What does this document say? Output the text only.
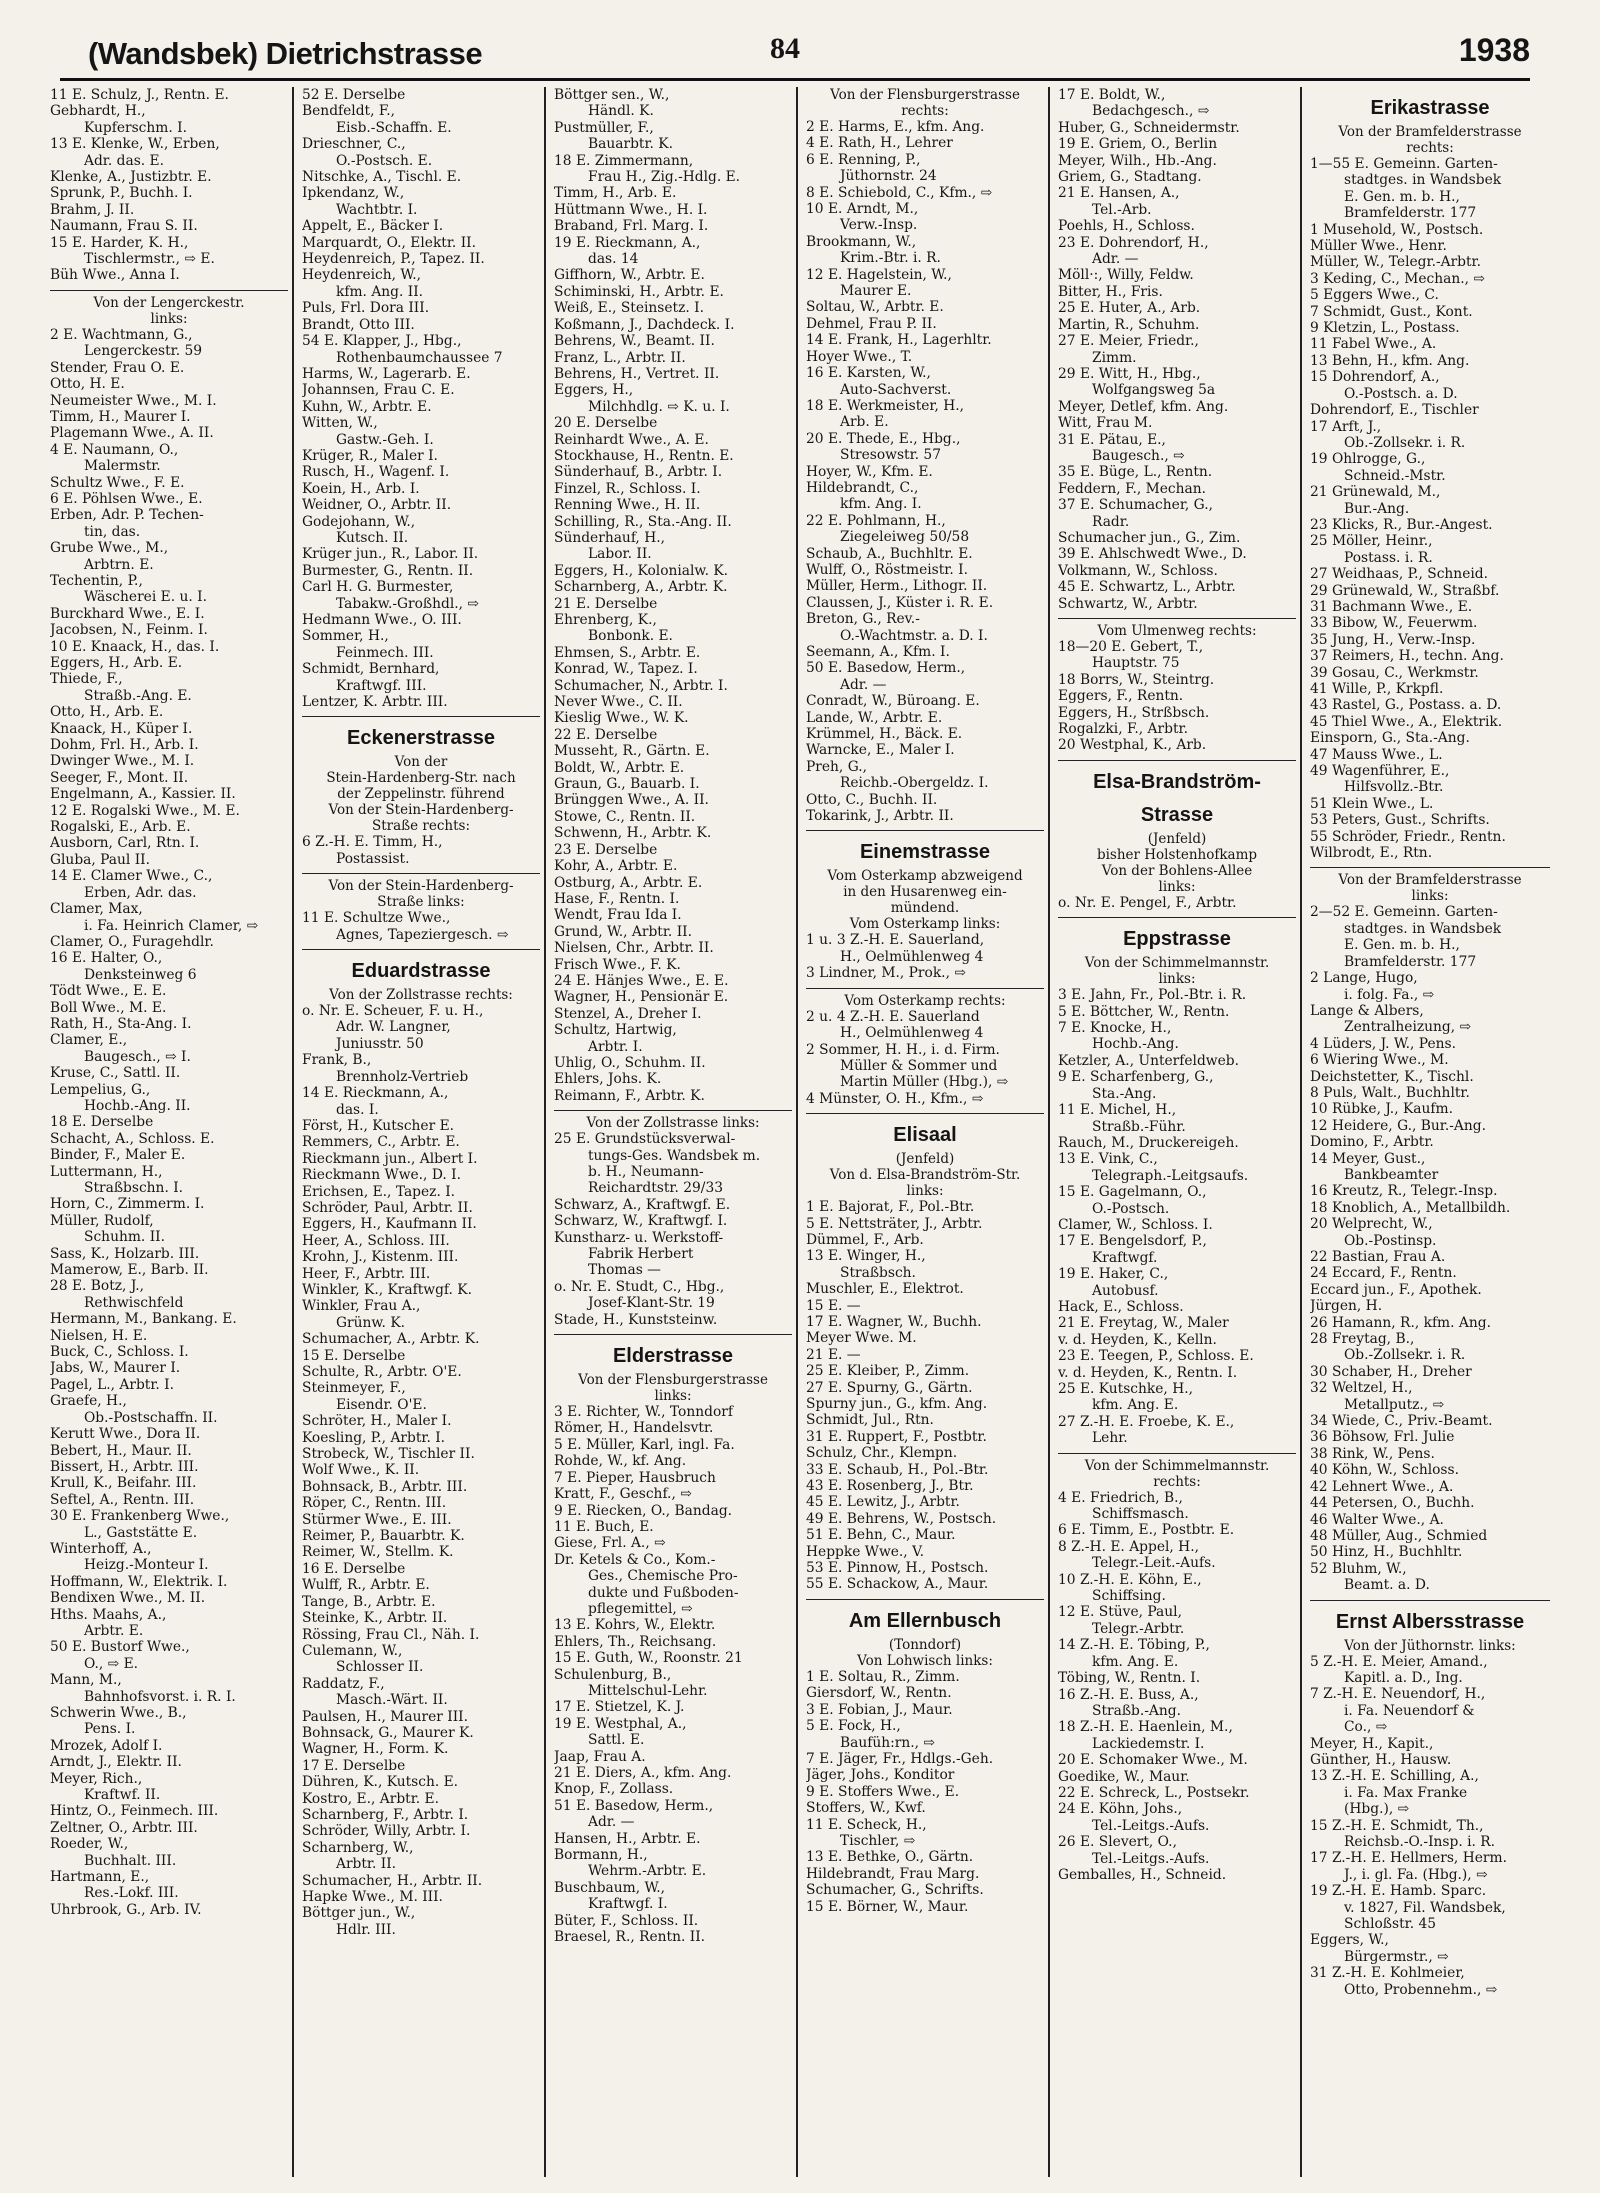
(Wandsbek) Dietrichstrasse	84	1938
11 E. Schulz, J., Rentn. E.
Gebhardt, H.,
Kupferschm. I.
13 E. Klenke, W., Erben,
Adr. das. E.
Klenke, A., Justizbtr. E.
Sprunk, P., Buchh. I.
Brahm, J. II.
Naumann, Frau S. II.
15 E. Harder, K. H.,
Tischlermstr., ⇨ E.
Büh Wwe., Anna I.
Von der Lengerckestr.
links:
2 E. Wachtmann, G.,
Lengerckestr. 59
Stender, Frau O. E.
Otto, H. E.
Neumeister Wwe., M. I.
Timm, H., Maurer I.
Plagemann Wwe., A. II.
4 E. Naumann, O.,
Malermstr.
Schultz Wwe., F. E.
6 E. Pöhlsen Wwe., E.
Erben, Adr. P. Techen-
tin, das.
Grube Wwe., M.,
Arbtrn. E.
Techentin, P.,
Wäscherei E. u. I.
Burckhard Wwe., E. I.
Jacobsen, N., Feinm. I.
10 E. Knaack, H., das. I.
Eggers, H., Arb. E.
Thiede, F.,
Straßb.-Ang. E.
Otto, H., Arb. E.
Knaack, H., Küper I.
Dohm, Frl. H., Arb. I.
Dwinger Wwe., M. I.
Seeger, F., Mont. II.
Engelmann, A., Kassier. II.
12 E. Rogalski Wwe., M. E.
Rogalski, E., Arb. E.
Ausborn, Carl, Rtn. I.
Gluba, Paul II.
14 E. Clamer Wwe., C.,
Erben, Adr. das.
Clamer, Max,
i. Fa. Heinrich Clamer, ⇨
Clamer, O., Furagehdlr.
16 E. Halter, O.,
Denksteinweg 6
Tödt Wwe., E. E.
Boll Wwe., M. E.
Rath, H., Sta-Ang. I.
Clamer, E.,
Baugesch., ⇨ I.
Kruse, C., Sattl. II.
Lempelius, G.,
Hochb.-Ang. II.
18 E. Derselbe
Schacht, A., Schloss. E.
Binder, F., Maler E.
Luttermann, H.,
Straßbschn. I.
Horn, C., Zimmerm. I.
Müller, Rudolf,
Schuhm. II.
Sass, K., Holzarb. III.
Mamerow, E., Barb. II.
28 E. Botz, J.,
Rethwischfeld
Hermann, M., Bankang. E.
Nielsen, H. E.
Buck, C., Schloss. I.
Jabs, W., Maurer I.
Pagel, L., Arbtr. I.
Graefe, H.,
Ob.-Postschaffn. II.
Kerutt Wwe., Dora II.
Bebert, H., Maur. II.
Bissert, H., Arbtr. III.
Krull, K., Beifahr. III.
Seftel, A., Rentn. III.
30 E. Frankenberg Wwe.,
L., Gaststätte E.
Winterhoff, A.,
Heizg.-Monteur I.
Hoffmann, W., Elektrik. I.
Bendixen Wwe., M. II.
Hths. Maahs, A.,
Arbtr. E.
50 E. Bustorf Wwe.,
O., ⇨ E.
Mann, M.,
Bahnhofsvorst. i. R. I.
Schwerin Wwe., B.,
Pens. I.
Mrozek, Adolf I.
Arndt, J., Elektr. II.
Meyer, Rich.,
Kraftwf. II.
Hintz, O., Feinmech. III.
Zeltner, O., Arbtr. III.
Roeder, W.,
Buchhalt. III.
Hartmann, E.,
Res.-Lokf. III.
Uhrbrook, G., Arb. IV.
52 E. Derselbe
Bendfeldt, F.,
Eisb.-Schaffn. E.
Drieschner, C.,
O.-Postsch. E.
Nitschke, A., Tischl. E.
Ipkendanz, W.,
Wachtbtr. I.
Appelt, E., Bäcker I.
Marquardt, O., Elektr. II.
Heydenreich, P., Tapez. II.
Heydenreich, W.,
kfm. Ang. II.
Puls, Frl. Dora III.
Brandt, Otto III.
54 E. Klapper, J., Hbg.,
Rothenbaumchaussee 7
Harms, W., Lagerarb. E.
Johannsen, Frau C. E.
Kuhn, W., Arbtr. E.
Witten, W.,
Gastw.-Geh. I.
Krüger, R., Maler I.
Rusch, H., Wagenf. I.
Koein, H., Arb. I.
Weidner, O., Arbtr. II.
Godejohann, W.,
Kutsch. II.
Krüger jun., R., Labor. II.
Burmester, G., Rentn. II.
Carl H. G. Burmester,
Tabakw.-Großhdl., ⇨
Hedmann Wwe., O. III.
Sommer, H.,
Feinmech. III.
Schmidt, Bernhard,
Kraftwgf. III.
Lentzer, K. Arbtr. III.
Eckenerstrasse
Von der
Stein-Hardenberg-Str. nach
der Zeppelinstr. führend
Von der Stein-Hardenberg-
Straße rechts:
6 Z.-H. E. Timm, H.,
Postassist.
Von der Stein-Hardenberg-
Straße links:
11 E. Schultze Wwe.,
Agnes, Tapeziergesch. ⇨
Eduardstrasse
Von der Zollstrasse rechts:
o. Nr. E. Scheuer, F. u. H.,
Adr. W. Langner,
Juniusstr. 50
Frank, B.,
Brennholz-Vertrieb
14 E. Rieckmann, A.,
das. I.
Först, H., Kutscher E.
Remmers, C., Arbtr. E.
Rieckmann jun., Albert I.
Rieckmann Wwe., D. I.
Erichsen, E., Tapez. I.
Schröder, Paul, Arbtr. II.
Eggers, H., Kaufmann II.
Heer, A., Schloss. III.
Krohn, J., Kistenm. III.
Heer, F., Arbtr. III.
Winkler, K., Kraftwgf. K.
Winkler, Frau A.,
Grünw. K.
Schumacher, A., Arbtr. K.
15 E. Derselbe
Schulte, R., Arbtr. O'E.
Steinmeyer, F.,
Eisendr. O'E.
Schröter, H., Maler I.
Koesling, P., Arbtr. I.
Strobeck, W., Tischler II.
Wolf Wwe., K. II.
Bohnsack, B., Arbtr. III.
Röper, C., Rentn. III.
Stürmer Wwe., E. III.
Reimer, P., Bauarbtr. K.
Reimer, W., Stellm. K.
16 E. Derselbe
Wulff, R., Arbtr. E.
Tange, B., Arbtr. E.
Steinke, K., Arbtr. II.
Rössing, Frau Cl., Näh. I.
Culemann, W.,
Schlosser II.
Raddatz, F.,
Masch.-Wärt. II.
Paulsen, H., Maurer III.
Bohnsack, G., Maurer K.
Wagner, H., Form. K.
17 E. Derselbe
Dühren, K., Kutsch. E.
Kostro, E., Arbtr. E.
Scharnberg, F., Arbtr. I.
Schröder, Willy, Arbtr. I.
Scharnberg, W.,
Arbtr. II.
Schumacher, H., Arbtr. II.
Hapke Wwe., M. III.
Böttger jun., W.,
Hdlr. III.
Böttger sen., W.,
Händl. K.
Pustmüller, F.,
Bauarbtr. K.
18 E. Zimmermann,
Frau H., Zig.-Hdlg. E.
Timm, H., Arb. E.
Hüttmann Wwe., H. I.
Braband, Frl. Marg. I.
19 E. Rieckmann, A.,
das. 14
Giffhorn, W., Arbtr. E.
Schiminski, H., Arbtr. E.
Weiß, E., Steinsetz. I.
Koßmann, J., Dachdeck. I.
Behrens, W., Beamt. II.
Franz, L., Arbtr. II.
Behrens, H., Vertret. II.
Eggers, H.,
Milchhdlg. ⇨ K. u. I.
20 E. Derselbe
Reinhardt Wwe., A. E.
Stockhause, H., Rentn. E.
Sünderhauf, B., Arbtr. I.
Finzel, R., Schloss. I.
Renning Wwe., H. II.
Schilling, R., Sta.-Ang. II.
Sünderhauf, H.,
Labor. II.
Eggers, H., Kolonialw. K.
Scharnberg, A., Arbtr. K.
21 E. Derselbe
Ehrenberg, K.,
Bonbonk. E.
Ehmsen, S., Arbtr. E.
Konrad, W., Tapez. I.
Schumacher, N., Arbtr. I.
Never Wwe., C. II.
Kieslig Wwe., W. K.
22 E. Derselbe
Musseht, R., Gärtn. E.
Boldt, W., Arbtr. E.
Graun, G., Bauarb. I.
Brünggen Wwe., A. II.
Stowe, C., Rentn. II.
Schwenn, H., Arbtr. K.
23 E. Derselbe
Kohr, A., Arbtr. E.
Ostburg, A., Arbtr. E.
Hase, F., Rentn. I.
Wendt, Frau Ida I.
Grund, W., Arbtr. II.
Nielsen, Chr., Arbtr. II.
Frisch Wwe., F. K.
24 E. Hänjes Wwe., E. E.
Wagner, H., Pensionär E.
Stenzel, A., Dreher I.
Schultz, Hartwig,
Arbtr. I.
Uhlig, O., Schuhm. II.
Ehlers, Johs. K.
Reimann, F., Arbtr. K.
Von der Zollstrasse links:
25 E. Grundstücksverwal-
tungs-Ges. Wandsbek m.
b. H., Neumann-
Reichardtstr. 29/33
Schwarz, A., Kraftwgf. E.
Schwarz, W., Kraftwgf. I.
Kunstharz- u. Werkstoff-
Fabrik Herbert
Thomas —
o. Nr. E. Studt, C., Hbg.,
Josef-Klant-Str. 19
Stade, H., Kunststeinw.
Elderstrasse
Von der Flensburgerstrasse
links:
3 E. Richter, W., Tonndorf
Römer, H., Handelsvtr.
5 E. Müller, Karl, ingl. Fa.
Rohde, W., kf. Ang.
7 E. Pieper, Hausbruch
Kratt, F., Geschf., ⇨
9 E. Riecken, O., Bandag.
11 E. Buch, E.
Giese, Frl. A., ⇨
Dr. Ketels & Co., Kom.-
Ges., Chemische Pro-
dukte und Fußboden-
pflegemittel, ⇨
13 E. Kohrs, W., Elektr.
Ehlers, Th., Reichsang.
15 E. Guth, W., Roonstr. 21
Schulenburg, B.,
Mittelschul-Lehr.
17 E. Stietzel, K. J.
19 E. Westphal, A.,
Sattl. E.
Jaap, Frau A.
21 E. Diers, A., kfm. Ang.
Knop, F., Zollass.
51 E. Basedow, Herm.,
Adr. —
Hansen, H., Arbtr. E.
Bormann, H.,
Wehrm.-Arbtr. E.
Buschbaum, W.,
Kraftwgf. I.
Büter, F., Schloss. II.
Braesel, R., Rentn. II.
Von der Flensburgerstrasse
rechts:
2 E. Harms, E., kfm. Ang.
4 E. Rath, H., Lehrer
6 E. Renning, P.,
Jüthornstr. 24
8 E. Schiebold, C., Kfm., ⇨
10 E. Arndt, M.,
Verw.-Insp.
Brookmann, W.,
Krim.-Btr. i. R.
12 E. Hagelstein, W.,
Maurer E.
Soltau, W., Arbtr. E.
Dehmel, Frau P. II.
14 E. Frank, H., Lagerhltr.
Hoyer Wwe., T.
16 E. Karsten, W.,
Auto-Sachverst.
18 E. Werkmeister, H.,
Arb. E.
20 E. Thede, E., Hbg.,
Stresowstr. 57
Hoyer, W., Kfm. E.
Hildebrandt, C.,
kfm. Ang. I.
22 E. Pohlmann, H.,
Ziegeleiweg 50/58
Schaub, A., Buchhltr. E.
Wulff, O., Röstmeistr. I.
Müller, Herm., Lithogr. II.
Claussen, J., Küster i. R. E.
Breton, G., Rev.-
O.-Wachtmstr. a. D. I.
Seemann, A., Kfm. I.
50 E. Basedow, Herm.,
Adr. —
Conradt, W., Büroang. E.
Lande, W., Arbtr. E.
Krümmel, H., Bäck. E.
Warncke, E., Maler I.
Preh, G.,
Reichb.-Obergeldz. I.
Otto, C., Buchh. II.
Tokarink, J., Arbtr. II.
Einemstrasse
Vom Osterkamp abzweigend
in den Husarenweg ein-
mündend.
Vom Osterkamp links:
1 u. 3 Z.-H. E. Sauerland,
H., Oelmühlenweg 4
3 Lindner, M., Prok., ⇨
Vom Osterkamp rechts:
2 u. 4 Z.-H. E. Sauerland
H., Oelmühlenweg 4
2 Sommer, H. H., i. d. Firm.
Müller & Sommer und
Martin Müller (Hbg.), ⇨
4 Münster, O. H., Kfm., ⇨
Elisaal
(Jenfeld)
Von d. Elsa-Brandström-Str.
links:
1 E. Bajorat, F., Pol.-Btr.
5 E. Nettsträter, J., Arbtr.
Dümmel, F., Arb.
13 E. Winger, H.,
Straßbsch.
Muschler, E., Elektrot.
15 E. —
17 E. Wagner, W., Buchh.
Meyer Wwe. M.
21 E. —
25 E. Kleiber, P., Zimm.
27 E. Spurny, G., Gärtn.
Spurny jun., G., kfm. Ang.
Schmidt, Jul., Rtn.
31 E. Ruppert, F., Postbtr.
Schulz, Chr., Klempn.
33 E. Schaub, H., Pol.-Btr.
43 E. Rosenberg, J., Btr.
45 E. Lewitz, J., Arbtr.
49 E. Behrens, W., Postsch.
51 E. Behn, C., Maur.
Heppke Wwe., V.
53 E. Pinnow, H., Postsch.
55 E. Schackow, A., Maur.
Am Ellernbusch
(Tonndorf)
Von Lohwisch links:
1 E. Soltau, R., Zimm.
Giersdorf, W., Rentn.
3 E. Fobian, J., Maur.
5 E. Fock, H.,
Baufüh:rn., ⇨
7 E. Jäger, Fr., Hdlgs.-Geh.
Jäger, Johs., Konditor
9 E. Stoffers Wwe., E.
Stoffers, W., Kwf.
11 E. Scheck, H.,
Tischler, ⇨
13 E. Bethke, O., Gärtn.
Hildebrandt, Frau Marg.
Schumacher, G., Schrifts.
15 E. Börner, W., Maur.
17 E. Boldt, W.,
Bedachgesch., ⇨
Huber, G., Schneidermstr.
19 E. Griem, O., Berlin
Meyer, Wilh., Hb.-Ang.
Griem, G., Stadtang.
21 E. Hansen, A.,
Tel.-Arb.
Poehls, H., Schloss.
23 E. Dohrendorf, H.,
Adr. —
Möll·:, Willy, Feldw.
Bitter, H., Fris.
25 E. Huter, A., Arb.
Martin, R., Schuhm.
27 E. Meier, Friedr.,
Zimm.
29 E. Witt, H., Hbg.,
Wolfgangsweg 5a
Meyer, Detlef, kfm. Ang.
Witt, Frau M.
31 E. Pätau, E.,
Baugesch., ⇨
35 E. Büge, L., Rentn.
Feddern, F., Mechan.
37 E. Schumacher, G.,
Radr.
Schumacher jun., G., Zim.
39 E. Ahlschwedt Wwe., D.
Volkmann, W., Schloss.
45 E. Schwartz, L., Arbtr.
Schwartz, W., Arbtr.
Vom Ulmenweg rechts:
18—20 E. Gebert, T.,
Hauptstr. 75
18 Borrs, W., Steintrg.
Eggers, F., Rentn.
Eggers, H., Strßbsch.
Rogalzki, F., Arbtr.
20 Westphal, K., Arb.
Elsa-Brandström-
Strasse
(Jenfeld)
bisher Holstenhofkamp
Von der Bohlens-Allee
links:
o. Nr. E. Pengel, F., Arbtr.
Eppstrasse
Von der Schimmelmannstr.
links:
3 E. Jahn, Fr., Pol.-Btr. i. R.
5 E. Böttcher, W., Rentn.
7 E. Knocke, H.,
Hochb.-Ang.
Ketzler, A., Unterfeldweb.
9 E. Scharfenberg, G.,
Sta.-Ang.
11 E. Michel, H.,
Straßb.-Führ.
Rauch, M., Druckereigeh.
13 E. Vink, C.,
Telegraph.-Leitgsaufs.
15 E. Gagelmann, O.,
O.-Postsch.
Clamer, W., Schloss. I.
17 E. Bengelsdorf, P.,
Kraftwgf.
19 E. Haker, C.,
Autobusf.
Hack, E., Schloss.
21 E. Freytag, W., Maler
v. d. Heyden, K., Kelln.
23 E. Teegen, P., Schloss. E.
v. d. Heyden, K., Rentn. I.
25 E. Kutschke, H.,
kfm. Ang. E.
27 Z.-H. E. Froebe, K. E.,
Lehr.
Von der Schimmelmannstr.
rechts:
4 E. Friedrich, B.,
Schiffsmasch.
6 E. Timm, E., Postbtr. E.
8 Z.-H. E. Appel, H.,
Telegr.-Leit.-Aufs.
10 Z.-H. E. Köhn, E.,
Schiffsing.
12 E. Stüve, Paul,
Telegr.-Arbtr.
14 Z.-H. E. Töbing, P.,
kfm. Ang. E.
Töbing, W., Rentn. I.
16 Z.-H. E. Buss, A.,
Straßb.-Ang.
18 Z.-H. E. Haenlein, M.,
Lackiedemstr. I.
20 E. Schomaker Wwe., M.
Goedike, W., Maur.
22 E. Schreck, L., Postsekr.
24 E. Köhn, Johs.,
Tel.-Leitgs.-Aufs.
26 E. Slevert, O.,
Tel.-Leitgs.-Aufs.
Gemballes, H., Schneid.
Erikastrasse
Von der Bramfelderstrasse
rechts:
1—55 E. Gemeinn. Garten-
stadtges. in Wandsbek
E. Gen. m. b. H.,
Bramfelderstr. 177
1 Musehold, W., Postsch.
Müller Wwe., Henr.
Müller, W., Telegr.-Arbtr.
3 Keding, C., Mechan., ⇨
5 Eggers Wwe., C.
7 Schmidt, Gust., Kont.
9 Kletzin, L., Postass.
11 Fabel Wwe., A.
13 Behn, H., kfm. Ang.
15 Dohrendorf, A.,
O.-Postsch. a. D.
Dohrendorf, E., Tischler
17 Arft, J.,
Ob.-Zollsekr. i. R.
19 Ohlrogge, G.,
Schneid.-Mstr.
21 Grünewald, M.,
Bur.-Ang.
23 Klicks, R., Bur.-Angest.
25 Möller, Heinr.,
Postass. i. R.
27 Weidhaas, P., Schneid.
29 Grünewald, W., Straßbf.
31 Bachmann Wwe., E.
33 Bibow, W., Feuerwm.
35 Jung, H., Verw.-Insp.
37 Reimers, H., techn. Ang.
39 Gosau, C., Werkmstr.
41 Wille, P., Krkpfl.
43 Rastel, G., Postass. a. D.
45 Thiel Wwe., A., Elektrik.
Einsporn, G., Sta.-Ang.
47 Mauss Wwe., L.
49 Wagenführer, E.,
Hilfsvollz.-Btr.
51 Klein Wwe., L.
53 Peters, Gust., Schrifts.
55 Schröder, Friedr., Rentn.
Wilbrodt, E., Rtn.
Von der Bramfelderstrasse
links:
2—52 E. Gemeinn. Garten-
stadtges. in Wandsbek
E. Gen. m. b. H.,
Bramfelderstr. 177
2 Lange, Hugo,
i. folg. Fa., ⇨
Lange & Albers,
Zentralheizung, ⇨
4 Lüders, J. W., Pens.
6 Wiering Wwe., M.
Deichstetter, K., Tischl.
8 Puls, Walt., Buchhltr.
10 Rübke, J., Kaufm.
12 Heidere, G., Bur.-Ang.
Domino, F., Arbtr.
14 Meyer, Gust.,
Bankbeamter
16 Kreutz, R., Telegr.-Insp.
18 Knoblich, A., Metallbildh.
20 Welprecht, W.,
Ob.-Postinsp.
22 Bastian, Frau A.
24 Eccard, F., Rentn.
Eccard jun., F., Apothek.
Jürgen, H.
26 Hamann, R., kfm. Ang.
28 Freytag, B.,
Ob.-Zollsekr. i. R.
30 Schaber, H., Dreher
32 Weltzel, H.,
Metallputz., ⇨
34 Wiede, C., Priv.-Beamt.
36 Böhsow, Frl. Julie
38 Rink, W., Pens.
40 Köhn, W., Schloss.
42 Lehnert Wwe., A.
44 Petersen, O., Buchh.
46 Walter Wwe., A.
48 Müller, Aug., Schmied
50 Hinz, H., Buchhltr.
52 Bluhm, W.,
Beamt. a. D.
Ernst Albersstrasse
Von der Jüthornstr. links:
5 Z.-H. E. Meier, Amand.,
Kapitl. a. D., Ing.
7 Z.-H. E. Neuendorf, H.,
i. Fa. Neuendorf &
Co., ⇨
Meyer, H., Kapit.,
Günther, H., Hausw.
13 Z.-H. E. Schilling, A.,
i. Fa. Max Franke
(Hbg.), ⇨
15 Z.-H. E. Schmidt, Th.,
Reichsb.-O.-Insp. i. R.
17 Z.-H. E. Hellmers, Herm.
J., i. gl. Fa. (Hbg.), ⇨
19 Z.-H. E. Hamb. Sparc.
v. 1827, Fil. Wandsbek,
Schloßstr. 45
Eggers, W.,
Bürgermstr., ⇨
31 Z.-H. E. Kohlmeier,
Otto, Probennehm., ⇨
